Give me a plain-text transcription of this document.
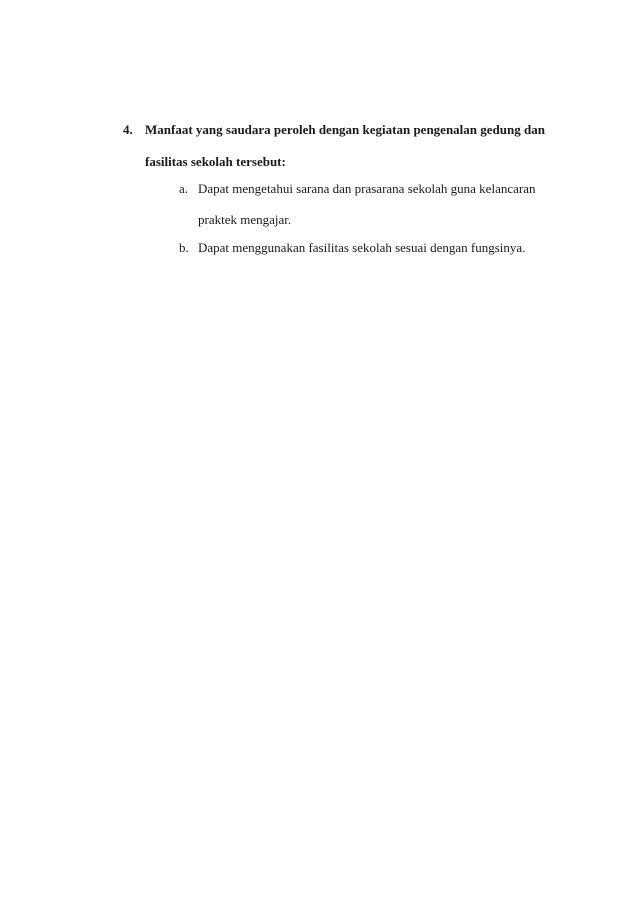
4. Manfaat yang saudara peroleh dengan kegiatan pengenalan gedung dan
fasilitas sekolah tersebut:
a. Dapat mengetahui sarana dan prasarana sekolah guna kelancaran
praktek mengajar.
b. Dapat menggunakan fasilitas sekolah sesuai dengan fungsinya.
